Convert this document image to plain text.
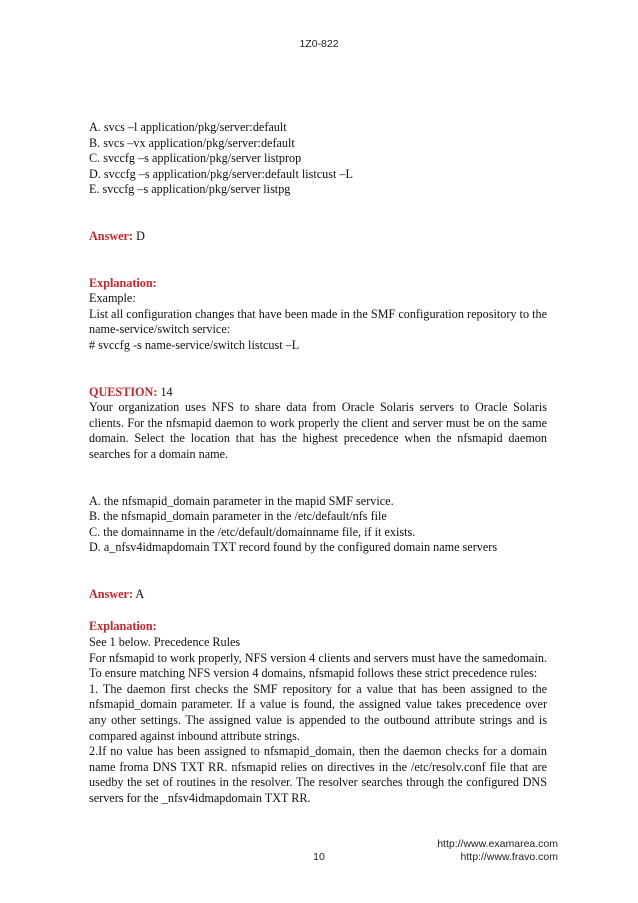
1Z0-822

A. svcs –l application/pkg/server:default

B. svcs –vx application/pkg/server:default

C. svccfg –s application/pkg/server listprop

D. svccfg –s application/pkg/server:default listcust –L

E. svccfg –s application/pkg/server listpg

Answer: D

Explanation:

Example:

List all configuration changes that have been made in the SMF configuration repository to the name-service/switch service:

# svccfg -s name-service/switch listcust –L

QUESTION: 14

Your organization uses NFS to share data from Oracle Solaris servers to Oracle Solaris clients. For the nfsmapid daemon to work properly the client and server must be on the same domain. Select the location that has the highest precedence when the nfsmapid daemon searches for a domain name.

A. the nfsmapid_domain parameter in the mapid SMF service.

B. the nfsmapid_domain parameter in the /etc/default/nfs file

C. the domainname in the /etc/default/domainname file, if it exists.

D. a_nfsv4idmapdomain TXT record found by the configured domain name servers

Answer: A

Explanation:

See 1 below. Precedence Rules

For nfsmapid to work properly, NFS version 4 clients and servers must have the samedomain. To ensure matching NFS version 4 domains, nfsmapid follows these strict precedence rules:

1. The daemon first checks the SMF repository for a value that has been assigned to the nfsmapid_domain parameter. If a value is found, the assigned value takes precedence over any other settings. The assigned value is appended to the outbound attribute strings and is compared against inbound attribute strings.

2.If no value has been assigned to nfsmapid_domain, then the daemon checks for a domain name froma DNS TXT RR. nfsmapid relies on directives in the /etc/resolv.conf file that are usedby the set of routines in the resolver. The resolver searches through the configured DNS servers for the _nfsv4idmapdomain TXT RR.

http://www.examarea.com
http://www.fravo.com
10
